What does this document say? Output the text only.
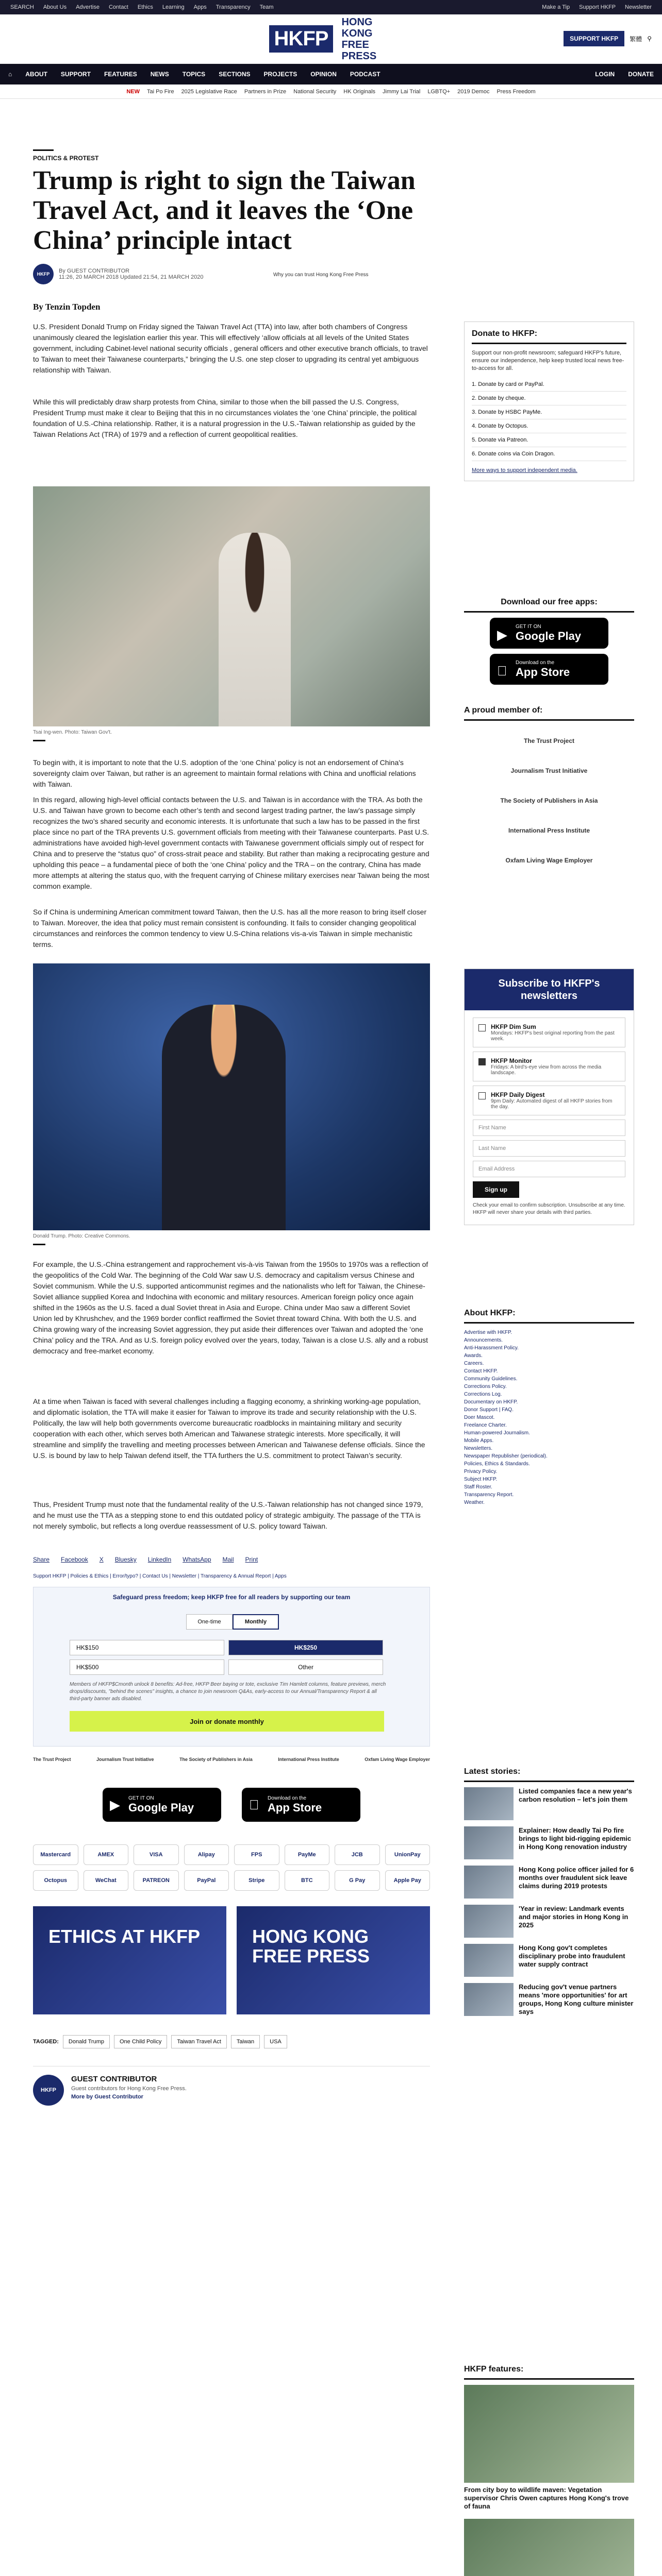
SEARCH About Us Advertise Contact Ethics Learning Apps Transparency Team	Make a Tip Support HKFP Newsletter
HKFP
HONG KONG FREE PRESS
SUPPORT HKFP	繁體 ⚲
⌂ ABOUT SUPPORT FEATURES NEWS TOPICS SECTIONS PROJECTS OPINION PODCAST	LOGIN DONATE
NEW Tai Po Fire 2025 Legislative Race Partners in Prize National Security HK Originals Jimmy Lai Trial LGBTQ+ 2019 Democ Press Freedom
POLITICS & PROTEST
Trump is right to sign the Taiwan Travel Act, and it leaves the ‘One China’ principle intact
HKFP	By GUEST CONTRIBUTOR
11:26, 20 MARCH 2018 Updated 21:54, 21 MARCH 2020	Why you can trust Hong Kong Free Press
By Tenzin Topden

U.S. President Donald Trump on Friday signed the Taiwan Travel Act (TTA) into law, after both chambers of Congress unanimously cleared the legislation earlier this year. This will effectively ‘allow officials at all levels of the United States government, including Cabinet-level national security officials , general officers and other executive branch officials, to travel to Taiwan to meet their Taiwanese counterparts,” bringing the U.S. one step closer to upgrading its central yet ambiguous relationship with Taiwan.

While this will predictably draw sharp protests from China, similar to those when the bill passed the U.S. Congress, President Trump must make it clear to Beijing that this in no circumstances violates the ‘one China’ principle, the political foundation of U.S.-China relationship. Rather, it is a natural progression in the U.S.-Taiwan relationship as guided by the Taiwan Relations Act (TRA) of 1979 and a reflection of current geopolitical realities.

Tsai Ing-wen. Photo: Taiwan Gov't.

To begin with, it is important to note that the U.S. adoption of the ‘one China’ policy is not an endorsement of China's sovereignty claim over Taiwan, but rather is an agreement to maintain formal relations with China and unofficial relations with Taiwan.

In this regard, allowing high-level official contacts between the U.S. and Taiwan is in accordance with the TRA. As both the U.S. and Taiwan have grown to become each other’s tenth and second largest trading partner, the law’s passage simply recognizes the two’s shared security and economic interests. It is unfortunate that such a law has to be passed in the first place since no part of the TRA prevents U.S. government officials from meeting with their Taiwanese counterparts. Past U.S. administrations have avoided high-level government contacts with Taiwanese government officials simply out of respect for China and to preserve the “status quo” of cross-strait peace and stability. But rather than making a reciprocating gesture and upholding this peace – a fundamental piece of both the ‘one China’ policy and the TRA – on the contrary, China has made more attempts at altering the status quo, with the frequent carrying of Chinese military exercises near Taiwan being the most common example.

So if China is undermining American commitment toward Taiwan, then the U.S. has all the more reason to bring itself closer to Taiwan. Moreover, the idea that policy must remain consistent is confounding. It fails to consider changing geopolitical circumstances and reinforces the common tendency to view U.S-China relations vis-a-vis Taiwan in simple mechanistic terms.

Donald Trump. Photo: Creative Commons.

For example, the U.S.-China estrangement and rapprochement vis-à-vis Taiwan from the 1950s to 1970s was a reflection of the geopolitics of the Cold War. The beginning of the Cold War saw U.S. democracy and capitalism versus Chinese and Soviet communism. While the U.S. supported anticommunist regimes and the nationalists who left for Taiwan, the Chinese-Soviet alliance supplied Korea and Indochina with economic and military resources. American foreign policy once again shifted in the 1960s as the U.S. faced a dual Soviet threat in Asia and Europe. China under Mao saw a different Soviet Union led by Khrushchev, and the 1969 border conflict reaffirmed the Soviet threat toward China. With both the U.S. and China growing wary of the increasing Soviet aggression, they put aside their differences over Taiwan and adopted the ‘one China’ policy and the TRA. And as U.S. foreign policy evolved over the years, today, Taiwan is a close U.S. ally and a robust democracy and free-market economy.

At a time when Taiwan is faced with several challenges including a flagging economy, a shrinking working-age population, and diplomatic isolation, the TTA will make it easier for Taiwan to improve its trade and security relationship with the U.S. Politically, the law will help both governments overcome bureaucratic roadblocks in maintaining military and security cooperation with each other, which serves both American and Taiwanese strategic interests. More specifically, it will streamline and simplify the travelling and meeting processes between American and Taiwanese defense officials. Since the U.S. is bound by law to help Taiwan defend itself, the TTA furthers the U.S. commitment to protect Taiwan’s security.

Thus, President Trump must note that the fundamental reality of the U.S.-Taiwan relationship has not changed since 1979, and he must use the TTA as a stepping stone to end this outdated policy of strategic ambiguity. The passage of the TTA is not merely symbolic, but reflects a long overdue reassessment of U.S. policy toward Taiwan.

Share Facebook X Bluesky LinkedIn WhatsApp Mail Print
Support HKFP | Policies & Ethics | Error/typo? | Contact Us | Newsletter | Transparency & Annual Report | Apps
Safeguard press freedom; keep HKFP free for all readers by supporting our team
One-time	Monthly
HK$150	HK$250
HK$500	Other
Members of HKFP$Cmonth unlock 8 benefits: Ad-free, HKFP Beer baying or tote, exclusive Tim Hamlett columns, feature previews, merch drops/discounts, "behind the scenes" insights, a chance to join newsroom Q&As, early-access to our Annual/Transparency Report & all third-party banner ads disabled.
Join or donate monthly
The Trust Project	Journalism Trust Initiative	The Society of Publishers in Asia	International Press Institute	Oxfam Living Wage Employer
▶ GET IT ON
Google Play
Download on the
App Store
Mastercard	AMEX	VISA	Alipay	FPS	PayMe	JCB	UnionPay
Octopus	WeChat	PATREON	PayPal	Stripe	BTC	G Pay	Apple Pay
ETHICS AT HKFP	HONG KONG FREE PRESS
TAGGED:	Donald Trump	One Child Policy	Taiwan Travel Act	Taiwan	USA
HKFP
GUEST CONTRIBUTOR
Guest contributors for Hong Kong Free Press.
More by Guest Contributor
Donate to HKFP:

Support our non-profit newsroom; safeguard HKFP's future, ensure our independence, help keep trusted local news free-to-access for all.

1. Donate by card or PayPal.
2. Donate by cheque.
3. Donate by HSBC PayMe.
4. Donate by Octopus.
5. Donate via Patreon.
6. Donate coins via Coin Dragon.
More ways to support independent media.
Download our free apps:
▶
GET IT ON
Google Play
Download on the
App Store
A proud member of:
The Trust Project
Journalism Trust Initiative
The Society of Publishers in Asia
International Press Institute
Oxfam Living Wage Employer
Subscribe to HKFP's newsletters
HKFP Dim Sum
Mondays: HKFP's best original reporting from the past week.
HKFP Monitor
Fridays: A bird's-eye view from across the media landscape.
HKFP Daily Digest
9pm Daily: Automated digest of all HKFP stories from the day.
First Name
Last Name
Email Address
Sign up
Check your email to confirm subscription. Unsubscribe at any time. HKFP will never share your details with third parties.
About HKFP:
Advertise with HKFP.
Announcements.
Anti-Harassment Policy.
Awards.
Careers.
Contact HKFP.
Community Guidelines.
Corrections Policy.
Corrections Log.
Documentary on HKFP.
Donor Support | FAQ.
Doer Mascot.
Freelance Charter.
Human-powered Journalism.
Mobile Apps.
Newsletters.
Newspaper Republisher (periodical).
Policies, Ethics & Standards.
Privacy Policy.
Subject HKFP.
Staff Roster.
Transparency Report.
Weather.
Latest stories:
Listed companies face a new year's carbon resolution – let's join them
Explainer: How deadly Tai Po fire brings to light bid-rigging epidemic in Hong Kong renovation industry
Hong Kong police officer jailed for 6 months over fraudulent sick leave claims during 2019 protests
'Year in review: Landmark events and major stories in Hong Kong in 2025
Hong Kong gov't completes disciplinary probe into fraudulent water supply contract
Reducing gov't venue partners means 'more opportunities' for art groups, Hong Kong culture minister says
HKFP features:
From city boy to wildlife maven: Vegetation supervisor Chris Owen captures Hong Kong's trove of fauna
